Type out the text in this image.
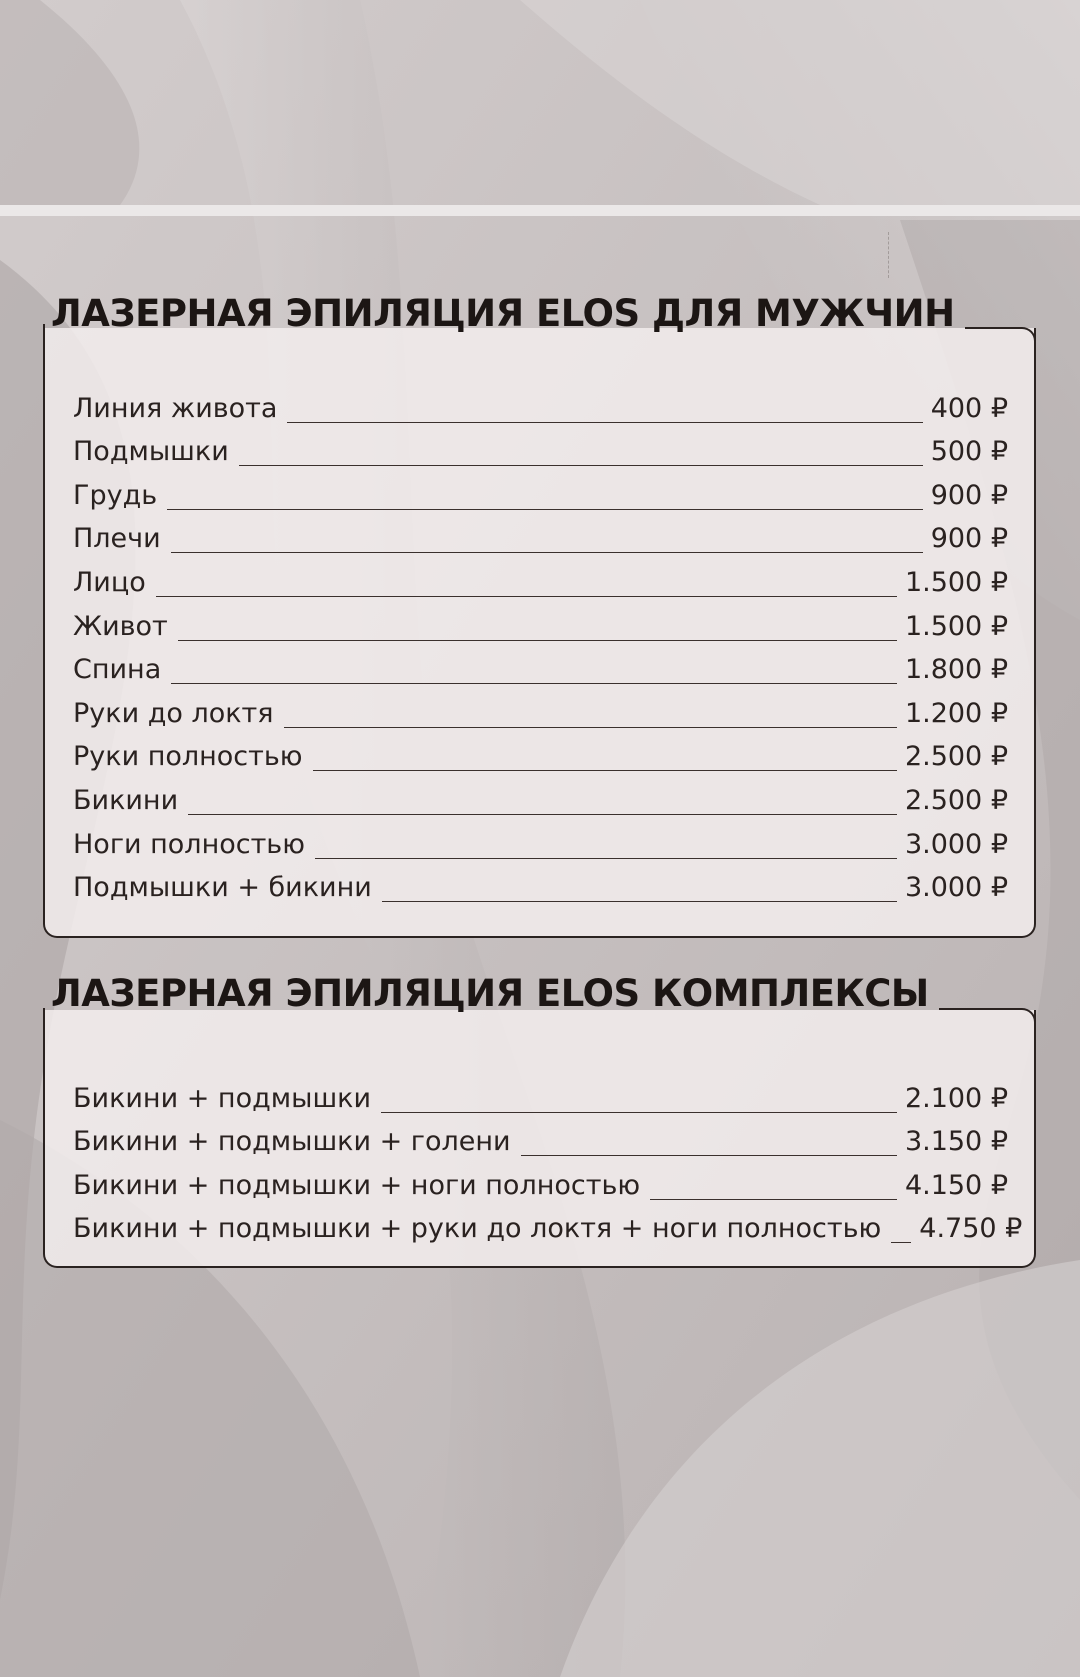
ЛАЗЕРНАЯ ЭПИЛЯЦИЯ ELOS ДЛЯ МУЖЧИН
Линия живота	400 ₽
Подмышки	500 ₽
Грудь	900 ₽
Плечи	900 ₽
Лицо	1.500 ₽
Живот	1.500 ₽
Спина	1.800 ₽
Руки до локтя	1.200 ₽
Руки полностью	2.500 ₽
Бикини	2.500 ₽
Ноги полностью	3.000 ₽
Подмышки + бикини	3.000 ₽
ЛАЗЕРНАЯ ЭПИЛЯЦИЯ ELOS КОМПЛЕКСЫ
Бикини + подмышки	2.100 ₽
Бикини + подмышки + голени	3.150 ₽
Бикини + подмышки + ноги полностью	4.150 ₽
Бикини + подмышки + руки до локтя + ноги полностью 4.750 ₽
